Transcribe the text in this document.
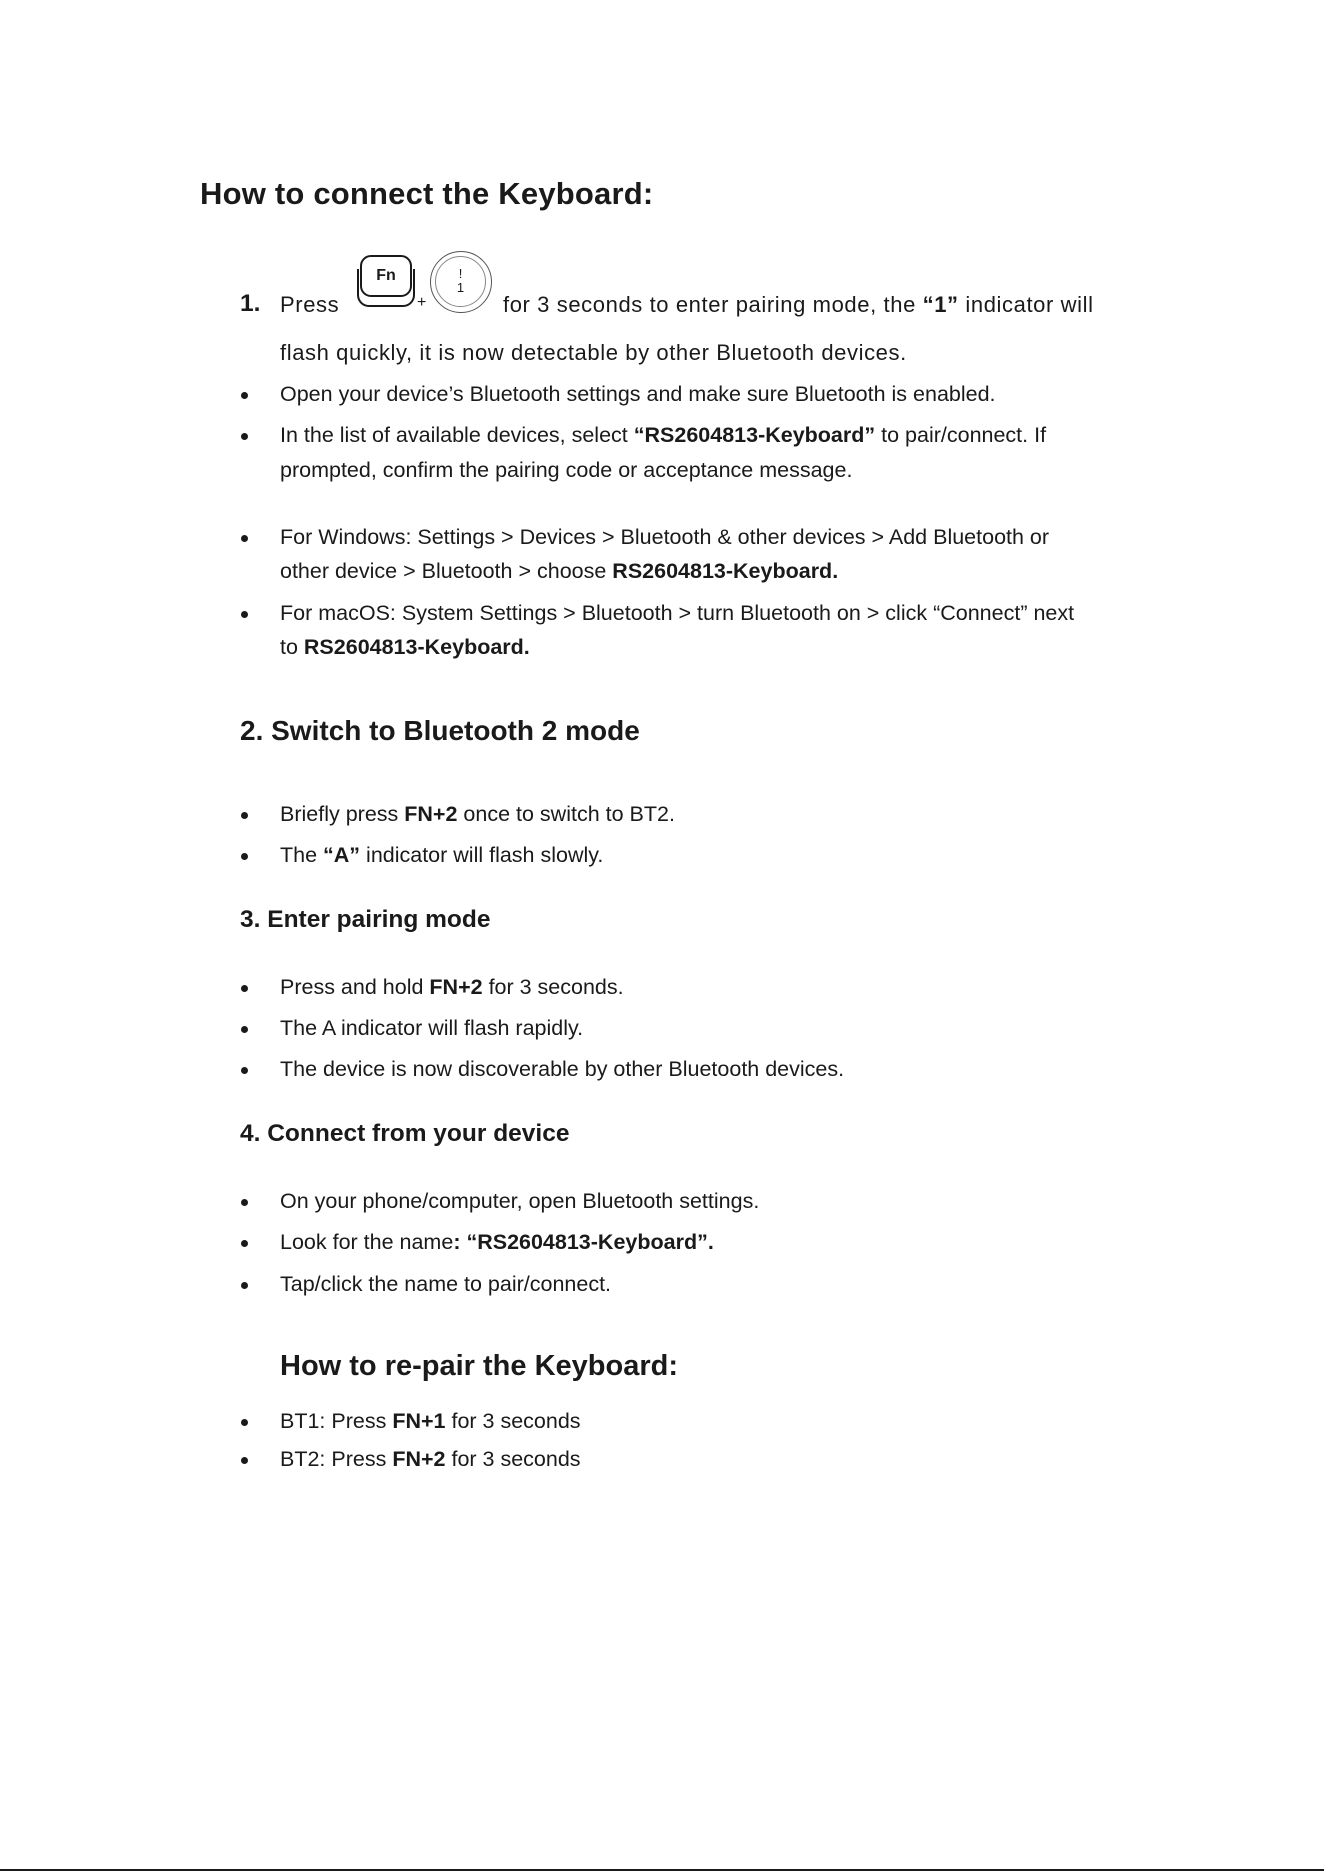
How to connect the Keyboard:
1. Press
Fn
+
!
1
for 3 seconds to enter pairing mode, the “1” indicator will
flash quickly, it is now detectable by other Bluetooth devices.
Open your device’s Bluetooth settings and make sure Bluetooth is enabled.
In the list of available devices, select “RS2604813-Keyboard” to pair/connect. If
prompted, confirm the pairing code or acceptance message.
For Windows: Settings > Devices > Bluetooth & other devices > Add Bluetooth or
other device > Bluetooth > choose RS2604813-Keyboard.
For macOS: System Settings > Bluetooth > turn Bluetooth on > click “Connect” next
to RS2604813-Keyboard.
2. Switch to Bluetooth 2 mode
Briefly press FN+2 once to switch to BT2.
The “A” indicator will flash slowly.
3. Enter pairing mode
Press and hold FN+2 for 3 seconds.
The A indicator will flash rapidly.
The device is now discoverable by other Bluetooth devices.
4. Connect from your device
On your phone/computer, open Bluetooth settings.
Look for the name: “RS2604813-Keyboard”.
Tap/click the name to pair/connect.
How to re-pair the Keyboard:
BT1: Press FN+1 for 3 seconds
BT2: Press FN+2 for 3 seconds
